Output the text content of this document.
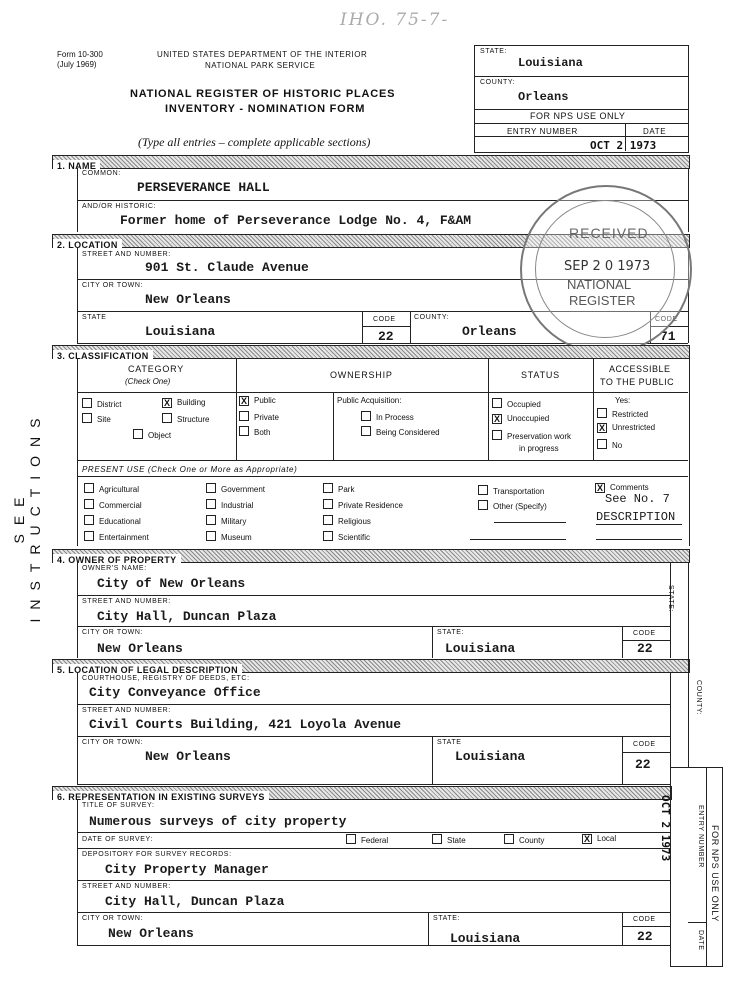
IHO. 75-7-
Form 10-300
(July 1969)
UNITED STATES DEPARTMENT OF THE INTERIOR
NATIONAL PARK SERVICE
NATIONAL REGISTER OF HISTORIC PLACES
INVENTORY - NOMINATION FORM
(Type all entries – complete applicable sections)
SEE INSTRUCTIONS
STATE:
Louisiana
COUNTY:
Orleans
FOR NPS USE ONLY
ENTRY NUMBER	DATE
OCT 2 1973
1. NAME
COMMON:
PERSEVERANCE HALL
AND/OR HISTORIC:
Former home of Perseverance Lodge No. 4, F&AM
2. LOCATION
STREET AND NUMBER:
901 St. Claude Avenue
CITY OR TOWN:
New Orleans
STATE
Louisiana
CODE
22
COUNTY:
Orleans
CODE
71
RECEIVED
SEP 2 0 1973
NATIONAL
REGISTER
3. CLASSIFICATION
CATEGORY
(Check One)
OWNERSHIP	STATUS
ACCESSIBLE
TO THE PUBLIC
District	X Building
Site	Structure
Object
X Public
Private
Both
Public Acquisition:
In Process
Being Considered
Occupied
X Unoccupied
Preservation work
in progress
Yes:
Restricted
X Unrestricted
No
PRESENT USE (Check One or More as Appropriate)
Agricultural
Commercial
Educational
Entertainment
Government
Industrial
Military
Museum
Park
Private Residence
Religious
Scientific
Transportation
Other (Specify)
X Comments
See No. 7
DESCRIPTION
4. OWNER OF PROPERTY
OWNER'S NAME:
City of New Orleans
STREET AND NUMBER:
City Hall, Duncan Plaza
CITY OR TOWN:
New Orleans
STATE:
Louisiana
CODE
22
5. LOCATION OF LEGAL DESCRIPTION
COURTHOUSE, REGISTRY OF DEEDS, ETC:
City Conveyance Office
STREET AND NUMBER:
Civil Courts Building, 421 Loyola Avenue
CITY OR TOWN:
New Orleans
STATE
Louisiana
CODE
22
6. REPRESENTATION IN EXISTING SURVEYS
TITLE OF SURVEY:
Numerous surveys of city property
DATE OF SURVEY:	Federal	State	County	X Local
DEPOSITORY FOR SURVEY RECORDS:
City Property Manager
STREET AND NUMBER:
City Hall, Duncan Plaza
CITY OR TOWN:
New Orleans
STATE:
Louisiana
CODE
22
STATE:
COUNTY:
ENTRY NUMBER
DATE
FOR NPS USE ONLY
OCT 2 1973
